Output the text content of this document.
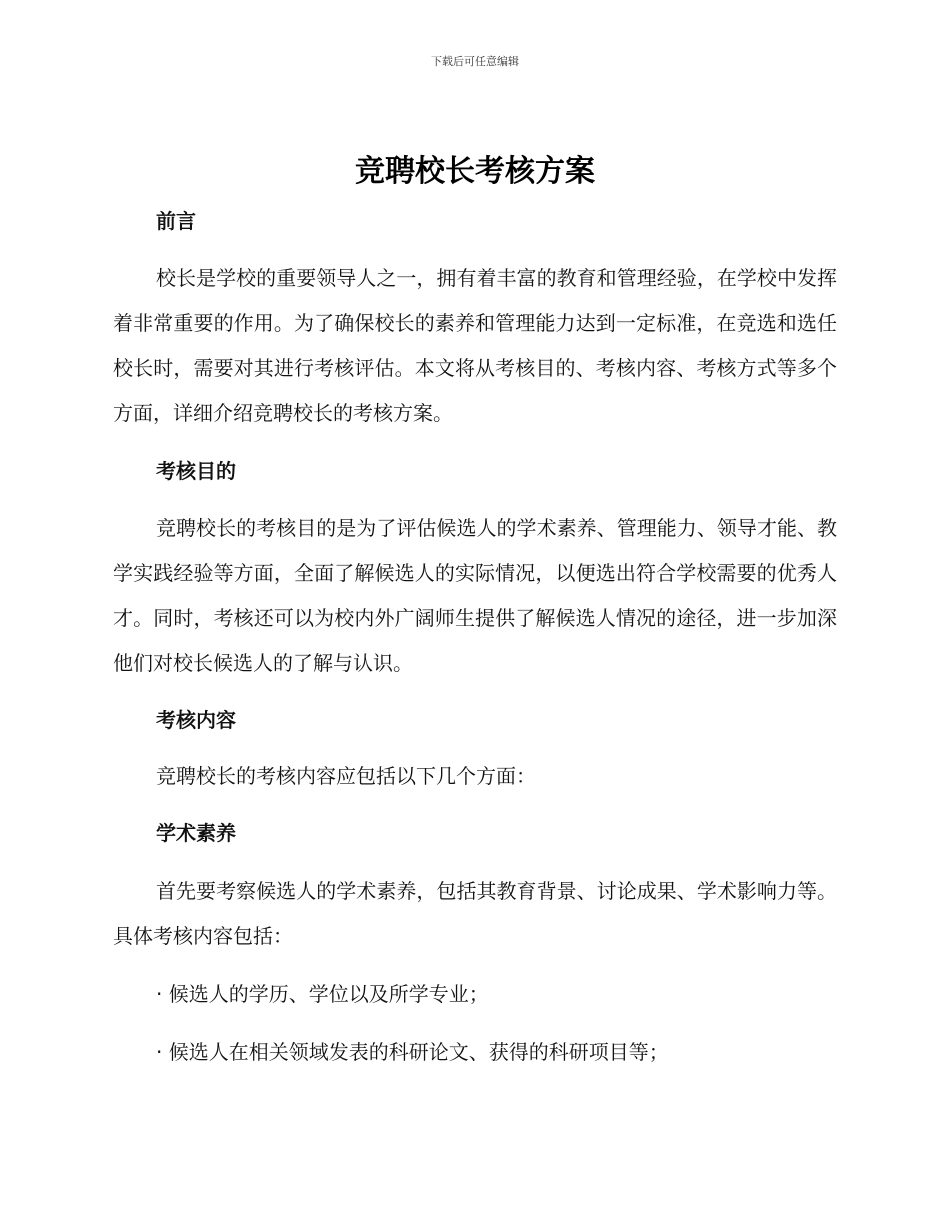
下载后可任意编辑
竞聘校长考核方案

前言

校长是学校的重要领导人之一，拥有着丰富的教育和管理经验，在学校中发挥着非常重要的作用。为了确保校长的素养和管理能力达到一定标准，在竞选和选任校长时，需要对其进行考核评估。本文将从考核目的、考核内容、考核方式等多个方面，详细介绍竞聘校长的考核方案。

考核目的

竞聘校长的考核目的是为了评估候选人的学术素养、管理能力、领导才能、教学实践经验等方面，全面了解候选人的实际情况，以便选出符合学校需要的优秀人才。同时，考核还可以为校内外广阔师生提供了解候选人情况的途径，进一步加深他们对校长候选人的了解与认识。

考核内容

竞聘校长的考核内容应包括以下几个方面：

学术素养

首先要考察候选人的学术素养，包括其教育背景、讨论成果、学术影响力等。具体考核内容包括：

· 候选人的学历、学位以及所学专业；

· 候选人在相关领域发表的科研论文、获得的科研项目等；
